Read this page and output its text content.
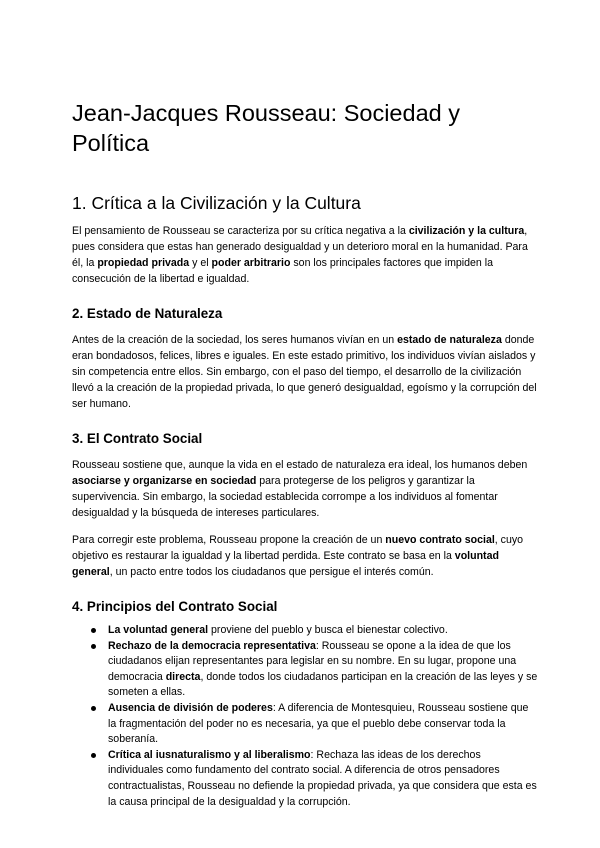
Jean-Jacques Rousseau: Sociedad y Política
1. Crítica a la Civilización y la Cultura

El pensamiento de Rousseau se caracteriza por su crítica negativa a la civilización y la cultura, pues considera que estas han generado desigualdad y un deterioro moral en la humanidad. Para él, la propiedad privada y el poder arbitrario son los principales factores que impiden la consecución de la libertad e igualdad.

2. Estado de Naturaleza

Antes de la creación de la sociedad, los seres humanos vivían en un estado de naturaleza donde eran bondadosos, felices, libres e iguales. En este estado primitivo, los individuos vivían aislados y sin competencia entre ellos. Sin embargo, con el paso del tiempo, el desarrollo de la civilización llevó a la creación de la propiedad privada, lo que generó desigualdad, egoísmo y la corrupción del ser humano.

3. El Contrato Social

Rousseau sostiene que, aunque la vida en el estado de naturaleza era ideal, los humanos deben asociarse y organizarse en sociedad para protegerse de los peligros y garantizar la supervivencia. Sin embargo, la sociedad establecida corrompe a los individuos al fomentar desigualdad y la búsqueda de intereses particulares.

Para corregir este problema, Rousseau propone la creación de un nuevo contrato social, cuyo objetivo es restaurar la igualdad y la libertad perdida. Este contrato se basa en la voluntad general, un pacto entre todos los ciudadanos que persigue el interés común.

4. Principios del Contrato Social
La voluntad general proviene del pueblo y busca el bienestar colectivo.
Rechazo de la democracia representativa: Rousseau se opone a la idea de que los ciudadanos elijan representantes para legislar en su nombre. En su lugar, propone una democracia directa, donde todos los ciudadanos participan en la creación de las leyes y se someten a ellas.
Ausencia de división de poderes: A diferencia de Montesquieu, Rousseau sostiene que la fragmentación del poder no es necesaria, ya que el pueblo debe conservar toda la soberanía.
Crítica al iusnaturalismo y al liberalismo: Rechaza las ideas de los derechos individuales como fundamento del contrato social. A diferencia de otros pensadores contractualistas, Rousseau no defiende la propiedad privada, ya que considera que esta es la causa principal de la desigualdad y la corrupción.
